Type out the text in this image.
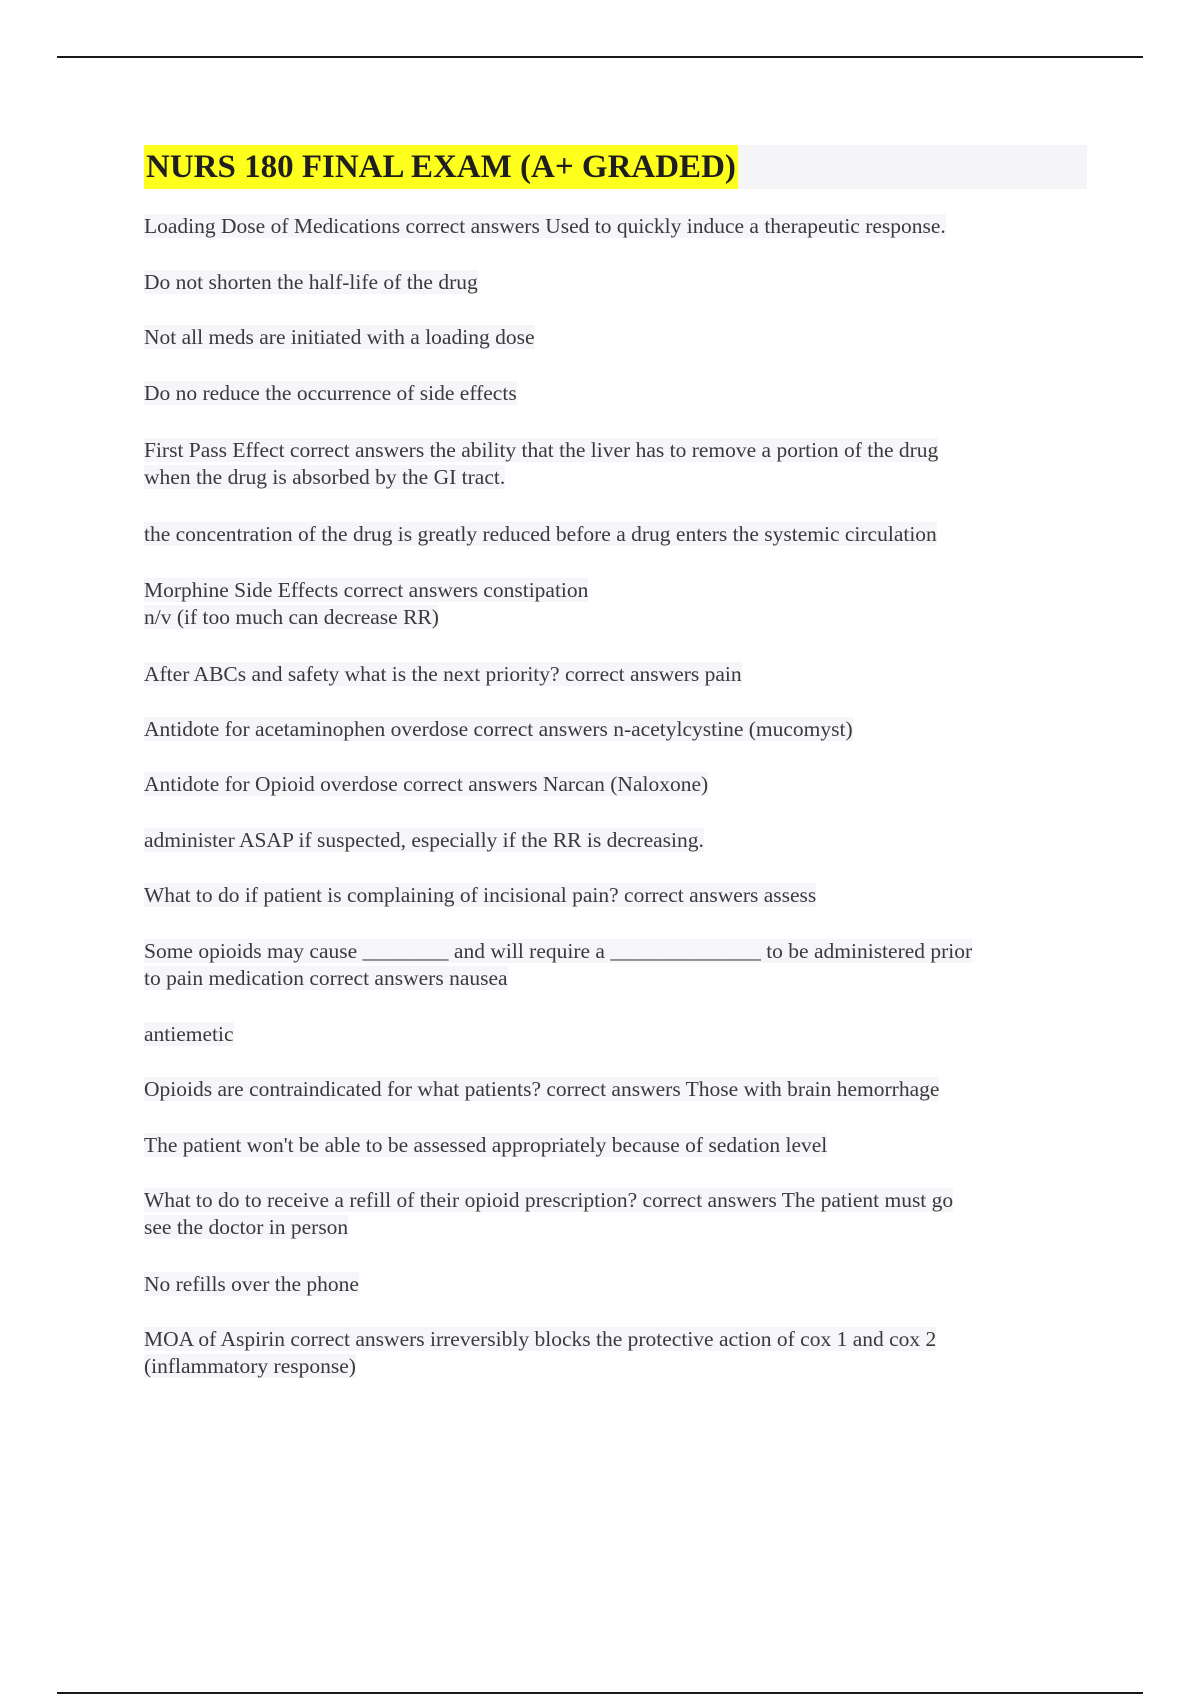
NURS 180 FINAL EXAM (A+ GRADED)

Loading Dose of Medications correct answers Used to quickly induce a therapeutic response.

Do not shorten the half-life of the drug

Not all meds are initiated with a loading dose

Do no reduce the occurrence of side effects

First Pass Effect correct answers the ability that the liver has to remove a portion of the drug
when the drug is absorbed by the GI tract.

the concentration of the drug is greatly reduced before a drug enters the systemic circulation

Morphine Side Effects correct answers constipation
n/v (if too much can decrease RR)

After ABCs and safety what is the next priority? correct answers pain

Antidote for acetaminophen overdose correct answers n-acetylcystine (mucomyst)

Antidote for Opioid overdose correct answers Narcan (Naloxone)

administer ASAP if suspected, especially if the RR is decreasing.

What to do if patient is complaining of incisional pain? correct answers assess

Some opioids may cause ________ and will require a ______________ to be administered prior
to pain medication correct answers nausea

antiemetic

Opioids are contraindicated for what patients? correct answers Those with brain hemorrhage

The patient won't be able to be assessed appropriately because of sedation level

What to do to receive a refill of their opioid prescription? correct answers The patient must go
see the doctor in person

No refills over the phone

MOA of Aspirin correct answers irreversibly blocks the protective action of cox 1 and cox 2
(inflammatory response)
